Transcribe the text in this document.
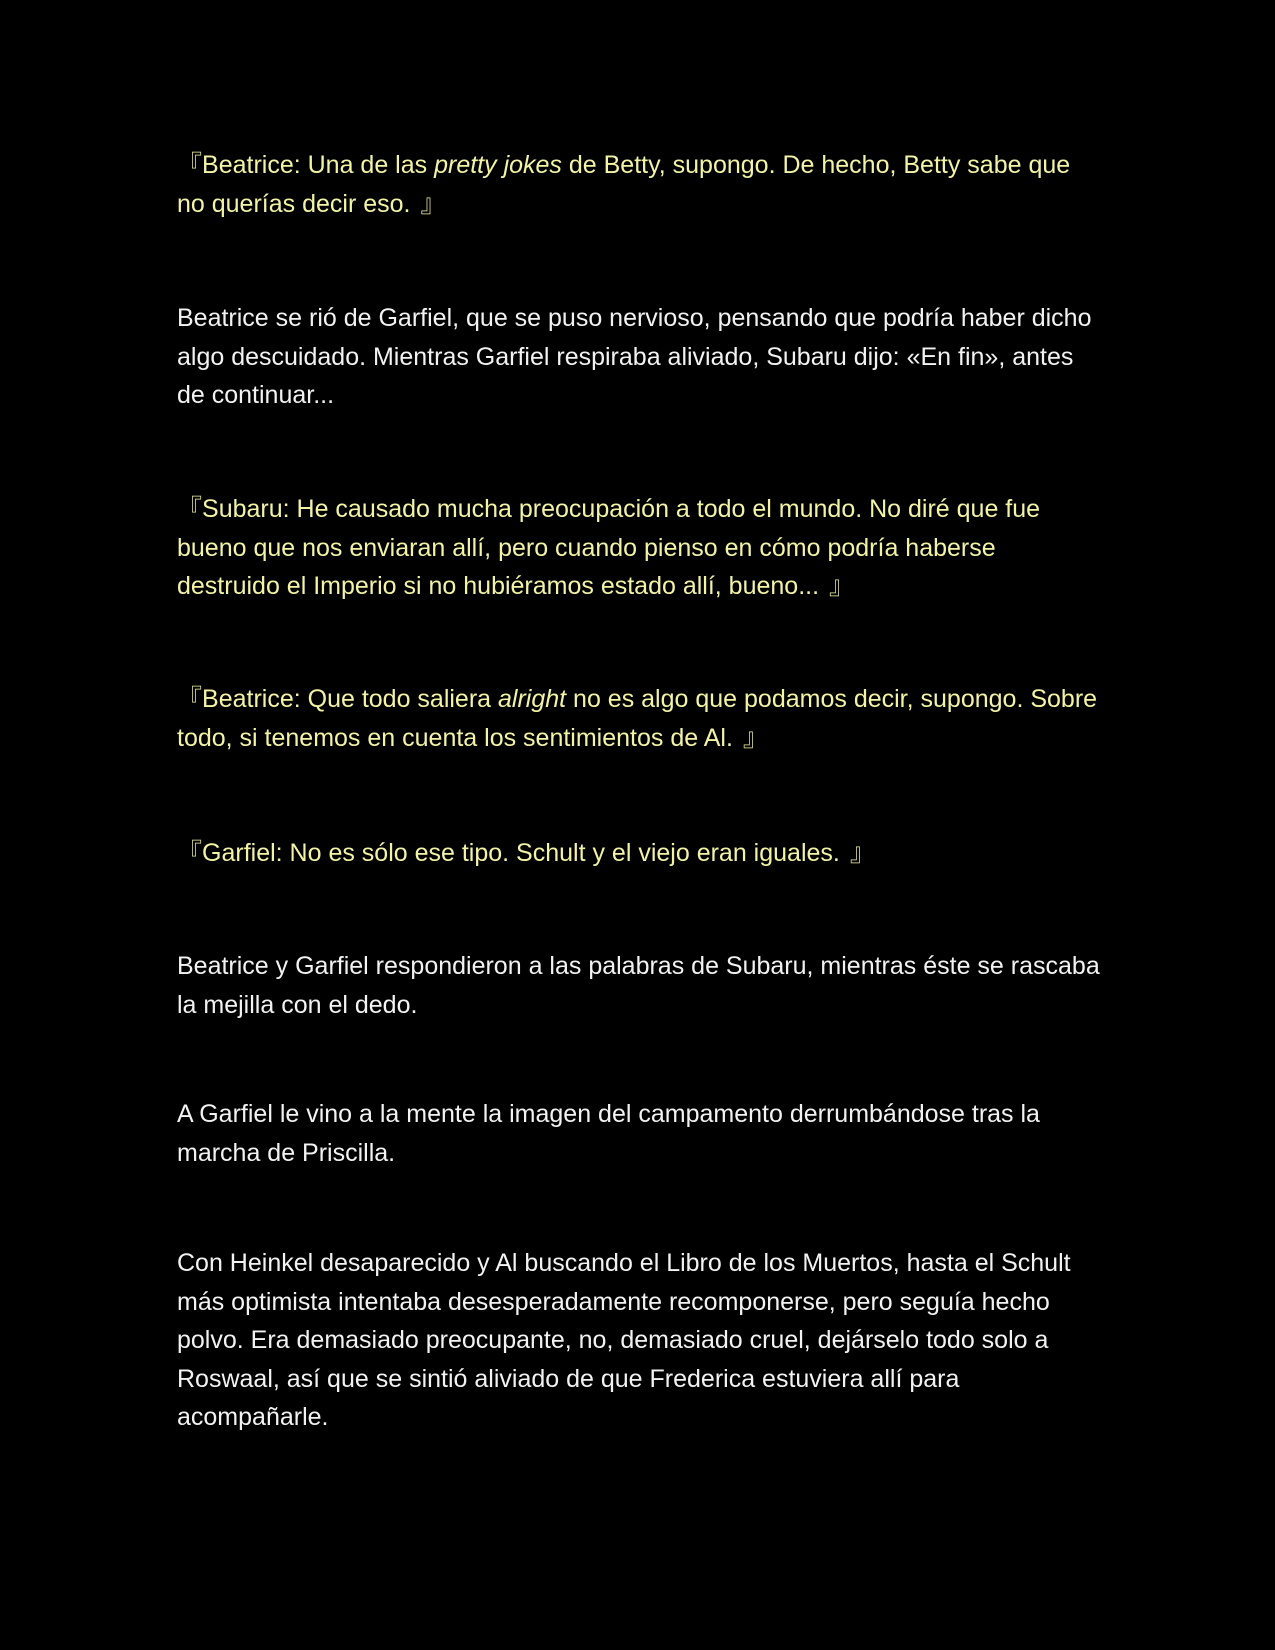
『Beatrice: Una de las pretty jokes de Betty, supongo. De hecho, Betty sabe que no querías decir eso. 』

Beatrice se rió de Garfiel, que se puso nervioso, pensando que podría haber dicho algo descuidado. Mientras Garfiel respiraba aliviado, Subaru dijo: «En fin», antes de continuar...

『Subaru: He causado mucha preocupación a todo el mundo. No diré que fue bueno que nos enviaran allí, pero cuando pienso en cómo podría haberse destruido el Imperio si no hubiéramos estado allí, bueno... 』

『Beatrice: Que todo saliera alright no es algo que podamos decir, supongo. Sobre todo, si tenemos en cuenta los sentimientos de Al. 』

『Garfiel: No es sólo ese tipo. Schult y el viejo eran iguales. 』

Beatrice y Garfiel respondieron a las palabras de Subaru, mientras éste se rascaba la mejilla con el dedo.

A Garfiel le vino a la mente la imagen del campamento derrumbándose tras la marcha de Priscilla.

Con Heinkel desaparecido y Al buscando el Libro de los Muertos, hasta el Schult más optimista intentaba desesperadamente recomponerse, pero seguía hecho polvo. Era demasiado preocupante, no, demasiado cruel, dejárselo todo solo a Roswaal, así que se sintió aliviado de que Frederica estuviera allí para acompañarle.
